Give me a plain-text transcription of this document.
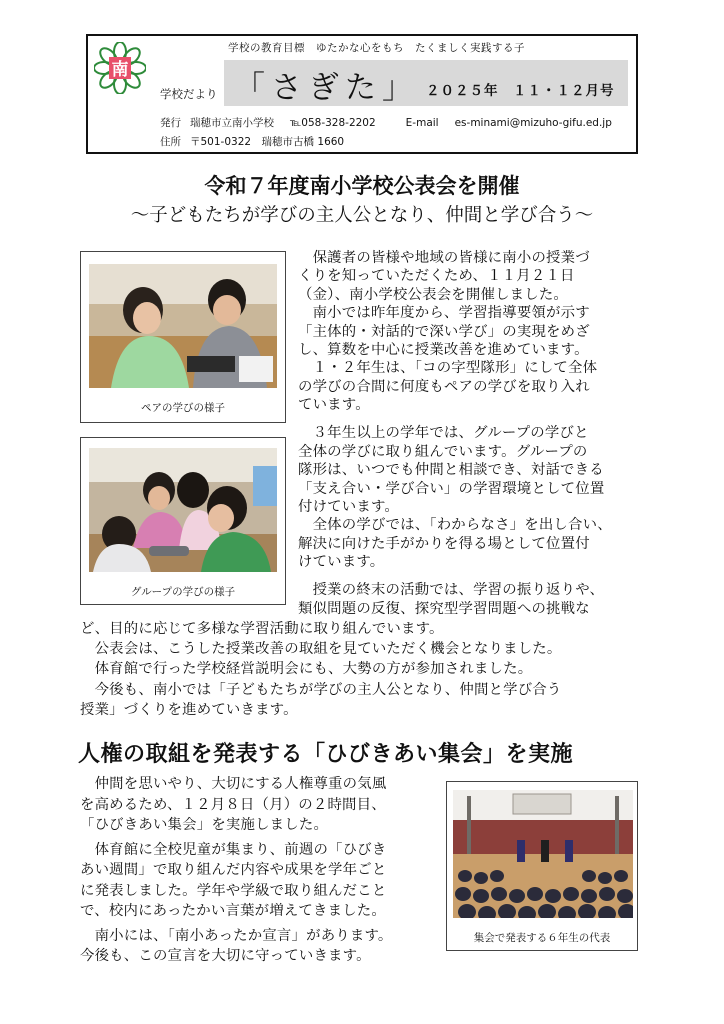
南
学校の教育目標　ゆたかな心をもち　たくましく実践する子
学校だより 「さぎた」 ２０２５年　１１・１２月号
発行 瑞穂市立南小学校 ℡058-328-2202	E-mail es-minami@mizuho-gifu.ed.jp
住所 〒501-0322　瑞穂市古橋 1660
令和７年度南小学校公表会を開催
～子どもたちが学びの主人公となり、仲間と学び合う～
ペアの学びの様子
グループの学びの様子
　保護者の皆様や地域の皆様に南小の授業づ
くりを知っていただくため、１１月２１日
（金）、南小学校公表会を開催しました。
　南小では昨年度から、学習指導要領が示す
「主体的・対話的で深い学び」の実現をめざ
し、算数を中心に授業改善を進めています。
　１・２年生は、「コの字型隊形」にして全体
の学びの合間に何度もペアの学びを取り入れ
ています。
　３年生以上の学年では、グループの学びと
全体の学びに取り組んでいます。グループの
隊形は、いつでも仲間と相談でき、対話できる
「支え合い・学び合い」の学習環境として位置
付けています。
　全体の学びでは、「わからなさ」を出し合い、
解決に向けた手がかりを得る場として位置付
けています。
　授業の終末の活動では、学習の振り返りや、
類似問題の反復、探究型学習問題への挑戦な
ど、目的に応じて多様な学習活動に取り組んでいます。
　公表会は、こうした授業改善の取組を見ていただく機会となりました。
　体育館で行った学校経営説明会にも、大勢の方が参加されました。
　今後も、南小では「子どもたちが学びの主人公となり、仲間と学び合う
授業」づくりを進めていきます。
人権の取組を発表する「ひびきあい集会」を実施
　仲間を思いやり、大切にする人権尊重の気風
を高めるため、１２月８日（月）の２時間目、
「ひびきあい集会」を実施しました。
　体育館に全校児童が集まり、前週の「ひびき
あい週間」で取り組んだ内容や成果を学年ごと
に発表しました。学年や学級で取り組んだこと
で、校内にあったかい言葉が増えてきました。
　南小には、「南小あったか宣言」があります。
今後も、この宣言を大切に守っていきます。
集会で発表する６年生の代表
